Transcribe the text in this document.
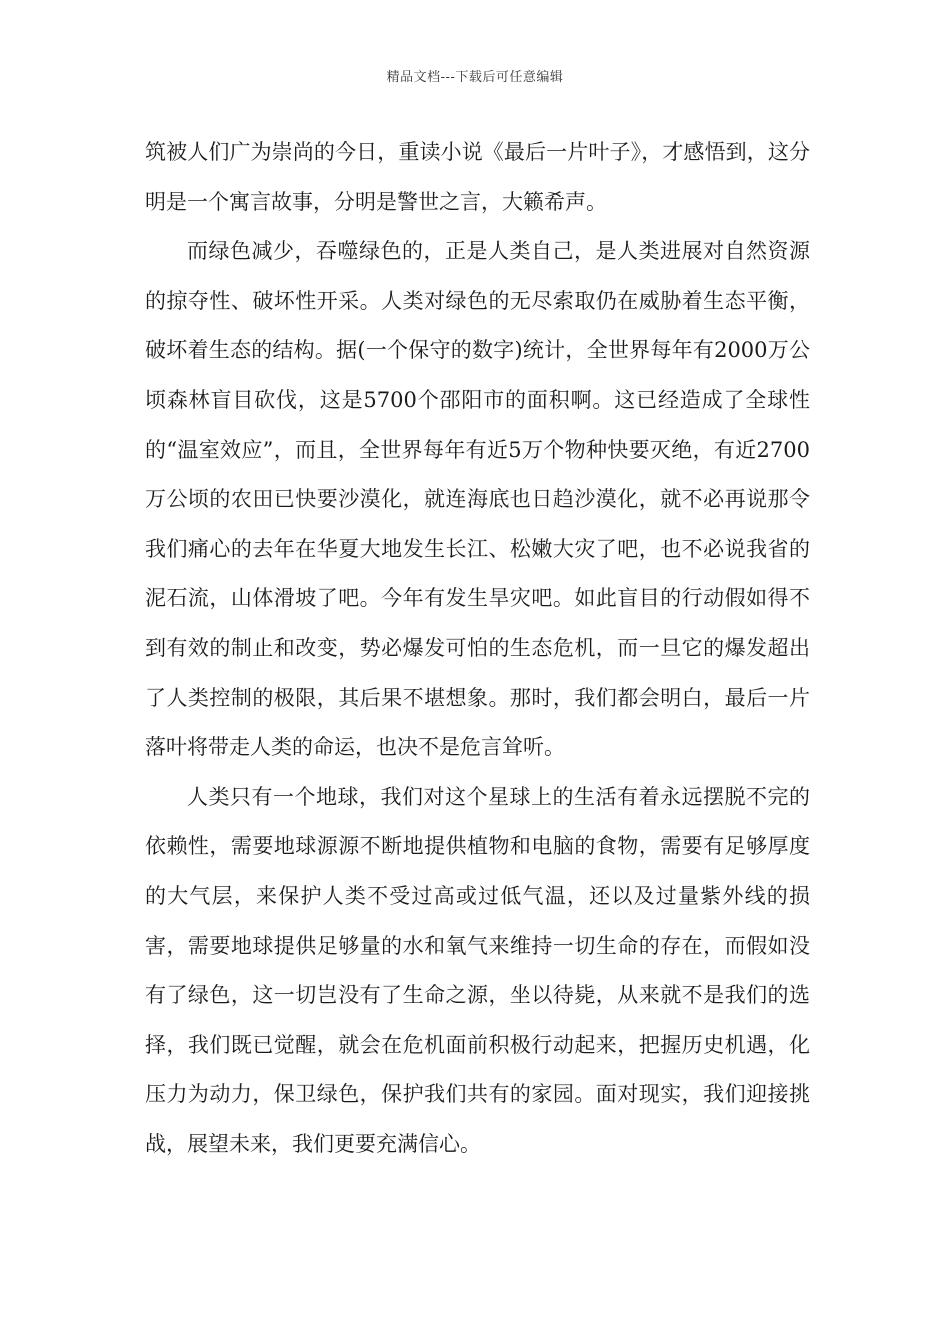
精品文档---下载后可任意编辑

筑被人们广为崇尚的今日，重读小说《最后一片叶子》，才感悟到，这分明是一个寓言故事，分明是警世之言，大籁希声。

而绿色减少，吞噬绿色的，正是人类自己，是人类进展对自然资源的掠夺性、破坏性开采。人类对绿色的无尽索取仍在威胁着生态平衡，破坏着生态的结构。据(一个保守的数字)统计，全世界每年有2000万公顷森林盲目砍伐，这是5700个邵阳市的面积啊。这已经造成了全球性的“温室效应”，而且，全世界每年有近5万个物种快要灭绝，有近2700万公顷的农田已快要沙漠化，就连海底也日趋沙漠化，就不必再说那令我们痛心的去年在华夏大地发生长江、松嫩大灾了吧，也不必说我省的泥石流，山体滑坡了吧。今年有发生旱灾吧。如此盲目的行动假如得不到有效的制止和改变，势必爆发可怕的生态危机，而一旦它的爆发超出了人类控制的极限，其后果不堪想象。那时，我们都会明白，最后一片落叶将带走人类的命运，也决不是危言耸听。

人类只有一个地球，我们对这个星球上的生活有着永远摆脱不完的依赖性，需要地球源源不断地提供植物和电脑的食物，需要有足够厚度的大气层，来保护人类不受过高或过低气温，还以及过量紫外线的损害，需要地球提供足够量的水和氧气来维持一切生命的存在，而假如没有了绿色，这一切岂没有了生命之源，坐以待毙，从来就不是我们的选择，我们既已觉醒，就会在危机面前积极行动起来，把握历史机遇，化压力为动力，保卫绿色，保护我们共有的家园。面对现实，我们迎接挑战，展望未来，我们更要充满信心。
